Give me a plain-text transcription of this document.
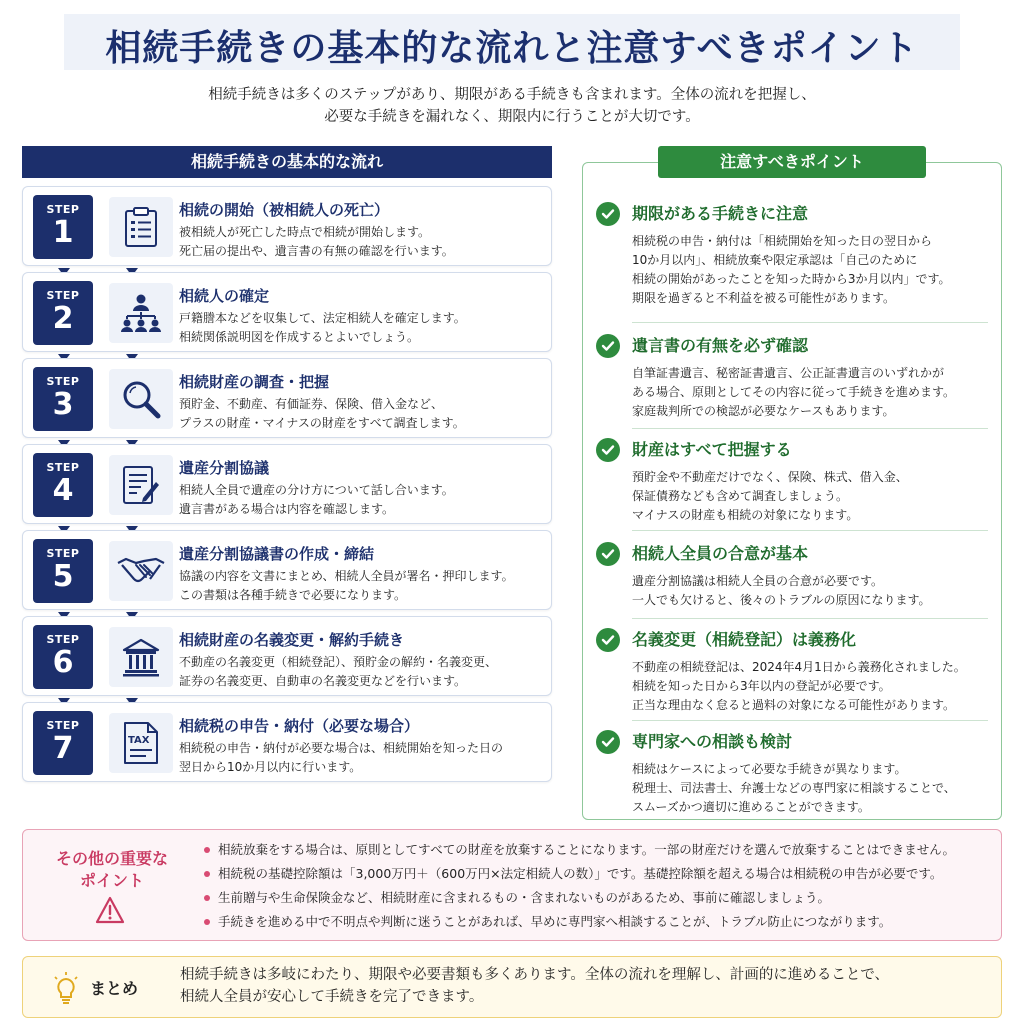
相続手続きの基本的な流れと注意すべきポイント

相続手続きは多くのステップがあり、期限がある手続きも含まれます。全体の流れを把握し、
必要な手続きを漏れなく、期限内に行うことが大切です。

相続手続きの基本的な流れ
STEP
1
相続の開始（被相続人の死亡）
被相続人が死亡した時点で相続が開始します。
死亡届の提出や、遺言書の有無の確認を行います。
STEP
2
相続人の確定
戸籍謄本などを収集して、法定相続人を確定します。
相続関係説明図を作成するとよいでしょう。
STEP
3
相続財産の調査・把握
預貯金、不動産、有価証券、保険、借入金など、
プラスの財産・マイナスの財産をすべて調査します。
STEP
4
遺産分割協議
相続人全員で遺産の分け方について話し合います。
遺言書がある場合は内容を確認します。
STEP
5
遺産分割協議書の作成・締結
協議の内容を文書にまとめ、相続人全員が署名・押印します。
この書類は各種手続きで必要になります。
STEP
6
相続財産の名義変更・解約手続き
不動産の名義変更（相続登記）、預貯金の解約・名義変更、
証券の名義変更、自動車の名義変更などを行います。
STEP
7	TAX
相続税の申告・納付（必要な場合）
相続税の申告・納付が必要な場合は、相続開始を知った日の
翌日から10か月以内に行います。
注意すべきポイント
期限がある手続きに注意
相続税の申告・納付は「相続開始を知った日の翌日から
10か月以内」、相続放棄や限定承認は「自己のために
相続の開始があったことを知った時から3か月以内」です。
期限を過ぎると不利益を被る可能性があります。
遺言書の有無を必ず確認
自筆証書遺言、秘密証書遺言、公正証書遺言のいずれかが
ある場合、原則としてその内容に従って手続きを進めます。
家庭裁判所での検認が必要なケースもあります。
財産はすべて把握する
預貯金や不動産だけでなく、保険、株式、借入金、
保証債務なども含めて調査しましょう。
マイナスの財産も相続の対象になります。
相続人全員の合意が基本
遺産分割協議は相続人全員の合意が必要です。
一人でも欠けると、後々のトラブルの原因になります。
名義変更（相続登記）は義務化
不動産の相続登記は、2024年4月1日から義務化されました。
相続を知った日から3年以内の登記が必要です。
正当な理由なく怠ると過料の対象になる可能性があります。
専門家への相談も検討
相続はケースによって必要な手続きが異なります。
税理士、司法書士、弁護士などの専門家に相談することで、
スムーズかつ適切に進めることができます。
その他の重要な
ポイント
相続放棄をする場合は、原則としてすべての財産を放棄することになります。一部の財産だけを選んで放棄することはできません。
相続税の基礎控除額は「3,000万円＋（600万円×法定相続人の数）」です。基礎控除額を超える場合は相続税の申告が必要です。
生前贈与や生命保険金など、相続財産に含まれるもの・含まれないものがあるため、事前に確認しましょう。
手続きを進める中で不明点や判断に迷うことがあれば、早めに専門家へ相談することが、トラブル防止につながります。
まとめ
相続手続きは多岐にわたり、期限や必要書類も多くあります。全体の流れを理解し、計画的に進めることで、
相続人全員が安心して手続きを完了できます。
